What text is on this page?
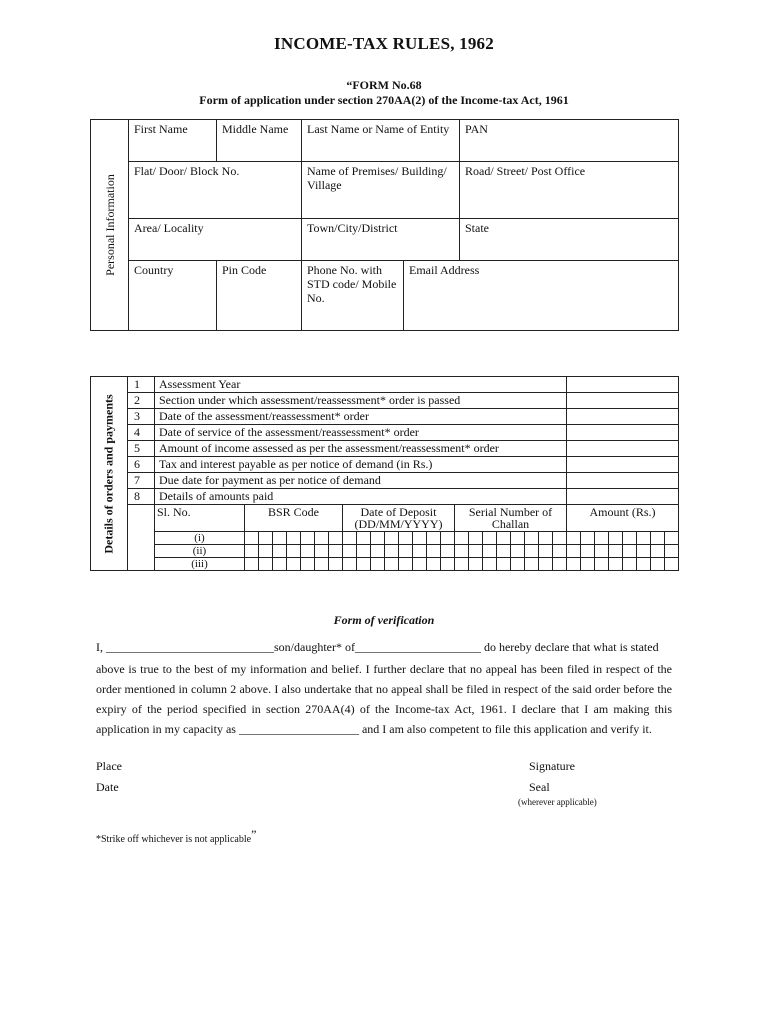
INCOME-TAX RULES, 1962
“FORM No.68
Form of application under section 270AA(2) of the Income-tax Act, 1961
Personal Information	First Name	Middle Name	Last Name or Name of Entity		PAN
	Flat/ Door/ Block No.		Name of Premises/ Building/ Village		Road/ Street/ Post Office
	Area/ Locality		Town/City/District		State
	Country	Pin Code	Phone No. with STD code/ Mobile No.	Email Address	
Details of orders and payments	1	Assessment Year																															
	2	Section under which assessment/reassessment* order is passed																															
	3	Date of the assessment/reassessment* order																															
	4	Date of service of the assessment/reassessment* order																															
	5	Amount of income assessed as per the assessment/reassessment* order																															
	6	Tax and interest payable as per notice of demand (in Rs.)																															
	7	Due date for payment as per notice of demand																															
	8	Details of amounts paid																															
		Sl. No.	BSR Code							Date of Deposit (DD/MM/YYYY)								Serial Number of Challan								Amount (Rs.)							
		(i)																															
		(ii)																															
		(iii)																															
Form of verification
I, ____________________________son/daughter* of_____________________ do hereby declare that what is stated
above is true to the best of my information and belief. I further declare that no appeal has been filed in respect of the order mentioned in column 2 above. I also undertake that no appeal shall be filed in respect of the said order before the expiry of the period specified in section 270AA(4) of the Income-tax Act, 1961. I declare that I am making this application in my capacity as ____________________ and I am also competent to file this application and verify it.
Place
Date
Signature
Seal
(wherever applicable)
*Strike off whichever is not applicable”
